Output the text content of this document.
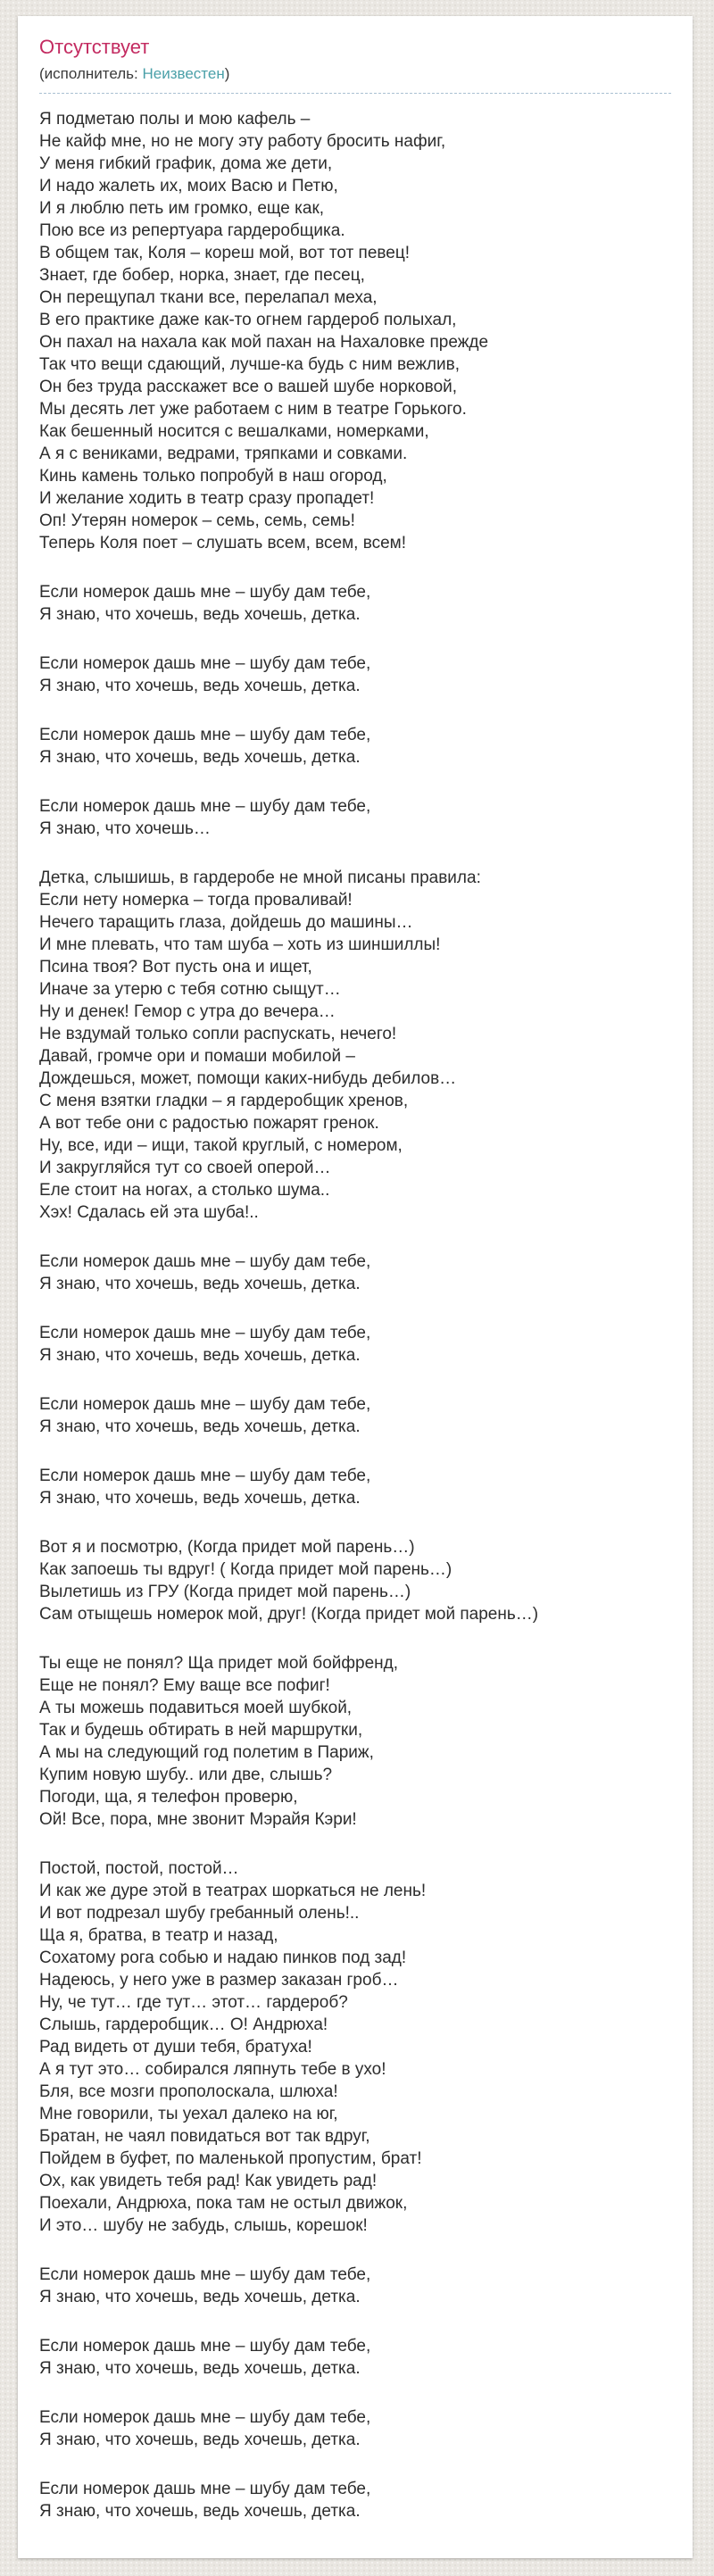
Отсутствует
(исполнитель: Неизвестен)

Я подметаю полы и мою кафель –
Не кайф мне, но не могу эту работу бросить нафиг,
У меня гибкий график, дома же дети,
И надо жалеть их, моих Васю и Петю,
И я люблю петь им громко, еще как,
Пою все из репертуара гардеробщика.
В общем так, Коля – кореш мой, вот тот певец!
Знает, где бобер, норка, знает, где песец,
Он перещупал ткани все, перелапал меха,
В его практике даже как-то огнем гардероб полыхал,
Он пахал на нахала как мой пахан на Нахаловке прежде
Так что вещи сдающий, лучше-ка будь с ним вежлив,
Он без труда расскажет все о вашей шубе норковой,
Мы десять лет уже работаем с ним в театре Горького.
Как бешенный носится с вешалками, номерками,
А я с вениками, ведрами, тряпками и совками.
Кинь камень только попробуй в наш огород,
И желание ходить в театр сразу пропадет!
Оп! Утерян номерок – семь, семь, семь!
Теперь Коля поет – слушать всем, всем, всем!

Если номерок дашь мне – шубу дам тебе,
Я знаю, что хочешь, ведь хочешь, детка.

Если номерок дашь мне – шубу дам тебе,
Я знаю, что хочешь, ведь хочешь, детка.

Если номерок дашь мне – шубу дам тебе,
Я знаю, что хочешь, ведь хочешь, детка.

Если номерок дашь мне – шубу дам тебе,
Я знаю, что хочешь…

Детка, слышишь, в гардеробе не мной писаны правила:
Если нету номерка – тогда проваливай!
Нечего таращить глаза, дойдешь до машины…
И мне плевать, что там шуба – хоть из шиншиллы!
Псина твоя? Вот пусть она и ищет,
Иначе за утерю с тебя сотню сыщут…
Ну и денек! Гемор с утра до вечера…
Не вздумай только сопли распускать, нечего!
Давай, громче ори и помаши мобилой –
Дождешься, может, помощи каких-нибудь дебилов…
С меня взятки гладки – я гардеробщик хренов,
А вот тебе они с радостью пожарят гренок.
Ну, все, иди – ищи, такой круглый, с номером,
И закругляйся тут со своей оперой…
Еле стоит на ногах, а столько шума..
Хэх! Сдалась ей эта шуба!..

Если номерок дашь мне – шубу дам тебе,
Я знаю, что хочешь, ведь хочешь, детка.

Если номерок дашь мне – шубу дам тебе,
Я знаю, что хочешь, ведь хочешь, детка.

Если номерок дашь мне – шубу дам тебе,
Я знаю, что хочешь, ведь хочешь, детка.

Если номерок дашь мне – шубу дам тебе,
Я знаю, что хочешь, ведь хочешь, детка.

Вот я и посмотрю, (Когда придет мой парень…)
Как запоешь ты вдруг! ( Когда придет мой парень…)
Вылетишь из ГРУ (Когда придет мой парень…)
Сам отыщешь номерок мой, друг! (Когда придет мой парень…)

Ты еще не понял? Ща придет мой бойфренд,
Еще не понял? Ему ваще все пофиг!
А ты можешь подавиться моей шубкой,
Так и будешь обтирать в ней маршрутки,
А мы на следующий год полетим в Париж,
Купим новую шубу.. или две, слышь?
Погоди, ща, я телефон проверю,
Ой! Все, пора, мне звонит Мэрайя Кэри!

Постой, постой, постой…
И как же дуре этой в театрах шоркаться не лень!
И вот подрезал шубу гребанный олень!..
Ща я, братва, в театр и назад,
Сохатому рога собью и надаю пинков под зад!
Надеюсь, у него уже в размер заказан гроб…
Ну, че тут… где тут… этот… гардероб?
Слышь, гардеробщик… О! Андрюха!
Рад видеть от души тебя, братуха!
А я тут это… собирался ляпнуть тебе в ухо!
Бля, все мозги прополоскала, шлюха!
Мне говорили, ты уехал далеко на юг,
Братан, не чаял повидаться вот так вдруг,
Пойдем в буфет, по маленькой пропустим, брат!
Ох, как увидеть тебя рад! Как увидеть рад!
Поехали, Андрюха, пока там не остыл движок,
И это… шубу не забудь, слышь, корешок!

Если номерок дашь мне – шубу дам тебе,
Я знаю, что хочешь, ведь хочешь, детка.

Если номерок дашь мне – шубу дам тебе,
Я знаю, что хочешь, ведь хочешь, детка.

Если номерок дашь мне – шубу дам тебе,
Я знаю, что хочешь, ведь хочешь, детка.

Если номерок дашь мне – шубу дам тебе,
Я знаю, что хочешь, ведь хочешь, детка.
